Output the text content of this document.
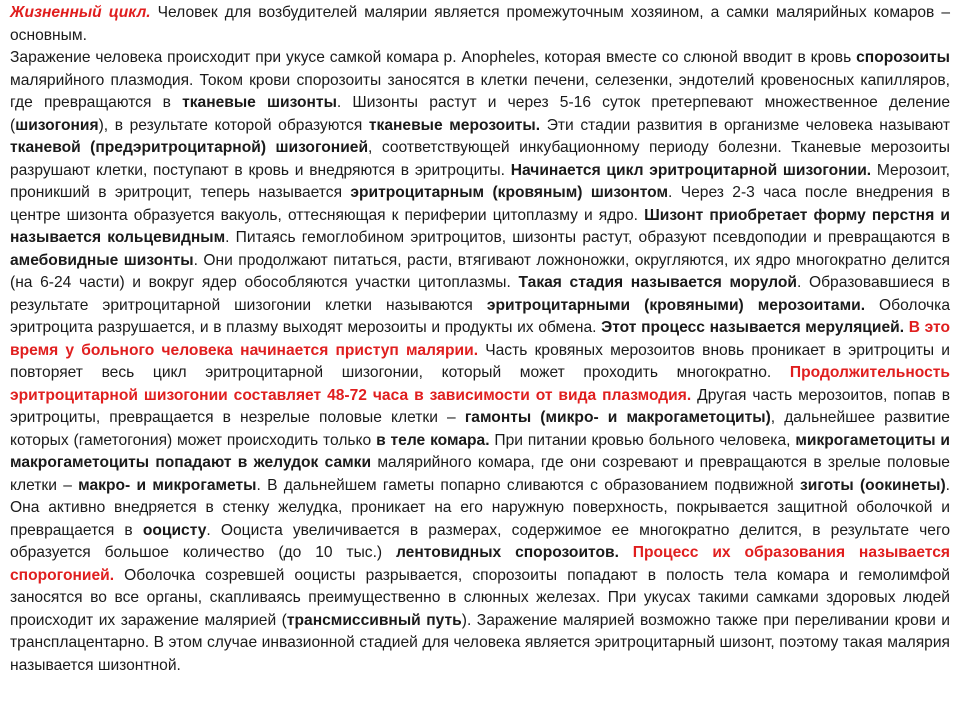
Жизненный цикл. Человек для возбудителей малярии является промежуточным хозяином, а самки малярийных комаров – основным.

Заражение человека происходит при укусе самкой комара р. Anopheles, которая вместе со слюной вводит в кровь спорозоиты малярийного плазмодия. Током крови спорозоиты заносятся в клетки печени, селезенки, эндотелий кровеносных капилляров, где превращаются в тканевые шизонты. Шизонты растут и через 5-16 суток претерпевают множественное деление (шизогония), в результате которой образуются тканевые мерозоиты. Эти стадии развития в организме человека называют тканевой (предэритроцитарной) шизогонией, соответствующей инкубационному периоду болезни. Тканевые мерозоиты разрушают клетки, поступают в кровь и внедряются в эритроциты. Начинается цикл эритроцитарной шизогонии. Мерозоит, проникший в эритроцит, теперь называется эритроцитарным (кровяным) шизонтом. Через 2-3 часа после внедрения в центре шизонта образуется вакуоль, оттесняющая к периферии цитоплазму и ядро. Шизонт приобретает форму перстня и называется кольцевидным. Питаясь гемоглобином эритроцитов, шизонты растут, образуют псевдоподии и превращаются в амебовидные шизонты. Они продолжают питаться, расти, втягивают ложноножки, округляются, их ядро многократно делится (на 6-24 части) и вокруг ядер обособляются участки цитоплазмы. Такая стадия называется морулой. Образовавшиеся в результате эритроцитарной шизогонии клетки называются эритроцитарными (кровяными) мерозоитами. Оболочка эритроцита разрушается, и в плазму выходят мерозоиты и продукты их обмена. Этот процесс называется меруляцией. В это время у больного человека начинается приступ малярии. Часть кровяных мерозоитов вновь проникает в эритроциты и повторяет весь цикл эритроцитарной шизогонии, который может проходить многократно. Продолжительность эритроцитарной шизогонии составляет 48-72 часа в зависимости от вида плазмодия. Другая часть мерозоитов, попав в эритроциты, превращается в незрелые половые клетки – гамонты (микро- и макрогаметоциты), дальнейшее развитие которых (гаметогония) может происходить только в теле комара. При питании кровью больного человека, микрогаметоциты и макрогаметоциты попадают в желудок самки малярийного комара, где они созревают и превращаются в зрелые половые клетки – макро- и микрогаметы. В дальнейшем гаметы попарно сливаются с образованием подвижной зиготы (оокинеты). Она активно внедряется в стенку желудка, проникает на его наружную поверхность, покрывается защитной оболочкой и превращается в ооцисту. Ооциста увеличивается в размерах, содержимое ее многократно делится, в результате чего образуется большое количество (до 10 тыс.) лентовидных спорозоитов. Процесс их образования называется спорогонией. Оболочка созревшей ооцисты разрывается, спорозоиты попадают в полость тела комара и гемолимфой заносятся во все органы, скапливаясь преимущественно в слюнных железах. При укусах такими самками здоровых людей происходит их заражение малярией (трансмиссивный путь). Заражение малярией возможно также при переливании крови и трансплацентарно. В этом случае инвазионной стадией для человека является эритроцитарный шизонт, поэтому такая малярия называется шизонтной.
